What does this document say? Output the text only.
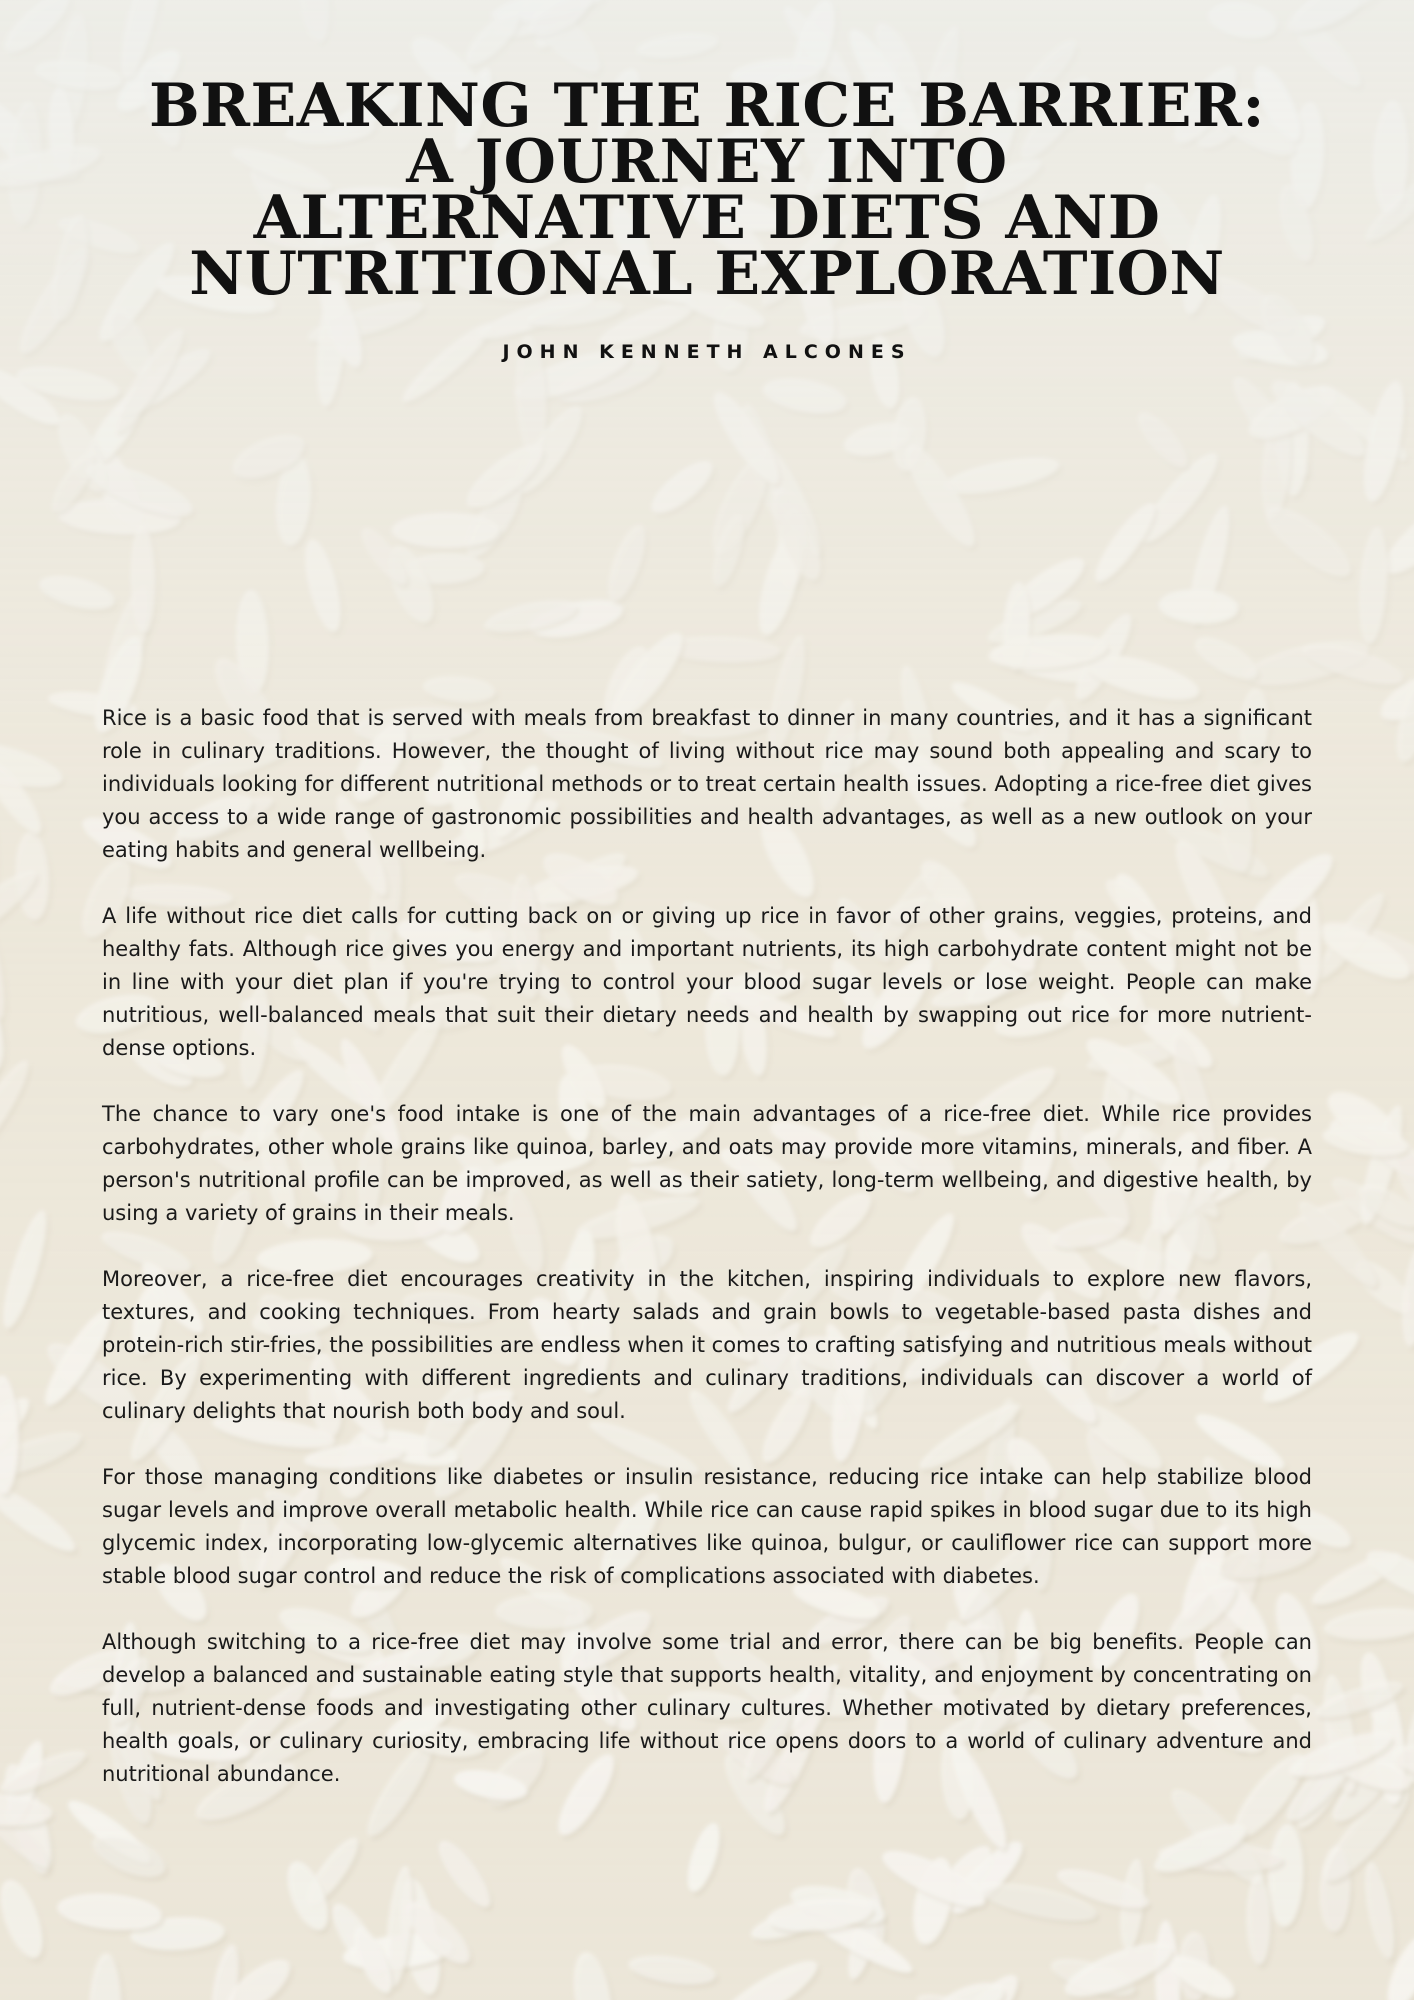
BREAKING THE RICE BARRIER:
A JOURNEY INTO
ALTERNATIVE DIETS AND
NUTRITIONAL EXPLORATION

JOHN KENNETH ALCONES

Rice is a basic food that is served with meals from breakfast to dinner in many countries, and it has a significant role in culinary traditions. However, the thought of living without rice may sound both appealing and scary to individuals looking for different nutritional methods or to treat certain health issues. Adopting a rice-free diet gives you access to a wide range of gastronomic possibilities and health advantages, as well as a new outlook on your eating habits and general wellbeing.

A life without rice diet calls for cutting back on or giving up rice in favor of other grains, veggies, proteins, and healthy fats. Although rice gives you energy and important nutrients, its high carbohydrate content might not be in line with your diet plan if you're trying to control your blood sugar levels or lose weight. People can make nutritious, well-balanced meals that suit their dietary needs and health by swapping out rice for more nutrient-dense options.

The chance to vary one's food intake is one of the main advantages of a rice-free diet. While rice provides carbohydrates, other whole grains like quinoa, barley, and oats may provide more vitamins, minerals, and fiber. A person's nutritional profile can be improved, as well as their satiety, long-term wellbeing, and digestive health, by using a variety of grains in their meals.

Moreover, a rice-free diet encourages creativity in the kitchen, inspiring individuals to explore new flavors, textures, and cooking techniques. From hearty salads and grain bowls to vegetable-based pasta dishes and protein-rich stir-fries, the possibilities are endless when it comes to crafting satisfying and nutritious meals without rice. By experimenting with different ingredients and culinary traditions, individuals can discover a world of culinary delights that nourish both body and soul.

For those managing conditions like diabetes or insulin resistance, reducing rice intake can help stabilize blood sugar levels and improve overall metabolic health. While rice can cause rapid spikes in blood sugar due to its high glycemic index, incorporating low-glycemic alternatives like quinoa, bulgur, or cauliflower rice can support more stable blood sugar control and reduce the risk of complications associated with diabetes.

Although switching to a rice-free diet may involve some trial and error, there can be big benefits. People can develop a balanced and sustainable eating style that supports health, vitality, and enjoyment by concentrating on full, nutrient-dense foods and investigating other culinary cultures. Whether motivated by dietary preferences, health goals, or culinary curiosity, embracing life without rice opens doors to a world of culinary adventure and nutritional abundance.
